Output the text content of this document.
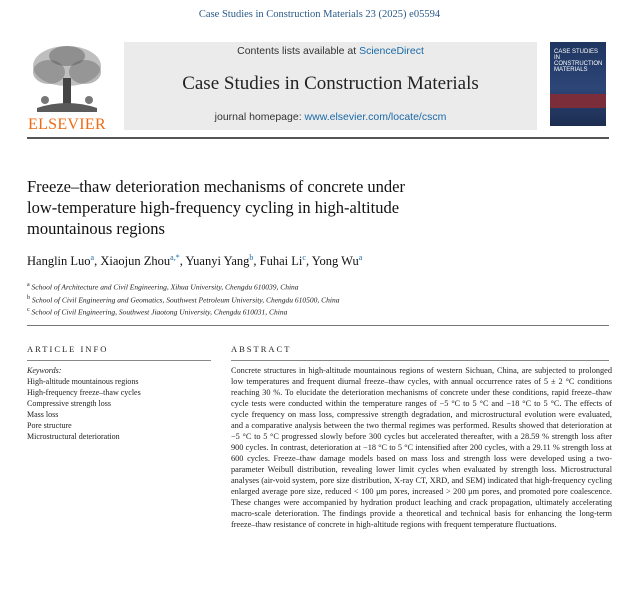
Case Studies in Construction Materials 23 (2025) e05594
ELSEVIER
Contents lists available at ScienceDirect
Case Studies in Construction Materials
journal homepage: www.elsevier.com/locate/cscm
CASE STUDIES IN CONSTRUCTION MATERIALS
Freeze–thaw deterioration mechanisms of concrete under
low-temperature high-frequency cycling in high-altitude
mountainous regions
Hanglin Luo$^a$, Xiaojun Zhou$^{a,*}$, Yuanyi Yang$^b$, Fuhai Li$^c$, Yong Wu$^a$
$^a$ School of Architecture and Civil Engineering, Xihua University, Chengdu 610039, China
$^b$ School of Civil Engineering and Geomatics, Southwest Petroleum University, Chengdu 610500, China
$^c$ School of Civil Engineering, Southwest Jiaotong University, Chengdu 610031, China
ARTICLE INFO	ABSTRACT
Keywords:
High-altitude mountainous regions
High-frequency freeze–thaw cycles
Compressive strength loss
Mass loss
Pore structure
Microstructural deterioration
Concrete structures in high-altitude mountainous regions of western Sichuan, China, are subjected to prolonged low temperatures and frequent diurnal freeze–thaw cycles, with annual occurrence rates of 5 ± 2 °C conditions reaching 30 %. To elucidate the deterioration mechanisms of concrete under these conditions, rapid freeze–thaw cycle tests were conducted within the temperature ranges of −5 °C to 5 °C and −18 °C to 5 °C. The effects of cycle frequency on mass loss, compressive strength degradation, and microstructural evolution were evaluated, and a comparative analysis between the two thermal regimes was performed. Results showed that deterioration at −5 °C to 5 °C progressed slowly before 300 cycles but accelerated thereafter, with a 28.59 % strength loss after 900 cycles. In contrast, deterioration at −18 °C to 5 °C intensified after 200 cycles, with a 29.11 % strength loss at 600 cycles. Freeze–thaw damage models based on mass loss and strength loss were developed using a two-parameter Weibull distribution, revealing lower limit cycles when evaluated by strength loss. Microstructural analyses (air-void system, pore size distribution, X-ray CT, XRD, and SEM) indicated that high-frequency cycling enlarged average pore size, reduced < 100 μm pores, increased > 200 μm pores, and promoted pore coalescence. These changes were accompanied by hydration product leaching and crack propagation, ultimately accelerating macro-scale deterioration. The findings provide a theoretical and technical basis for enhancing the long-term freeze–thaw resistance of concrete in high-altitude regions with frequent temperature fluctuations.
